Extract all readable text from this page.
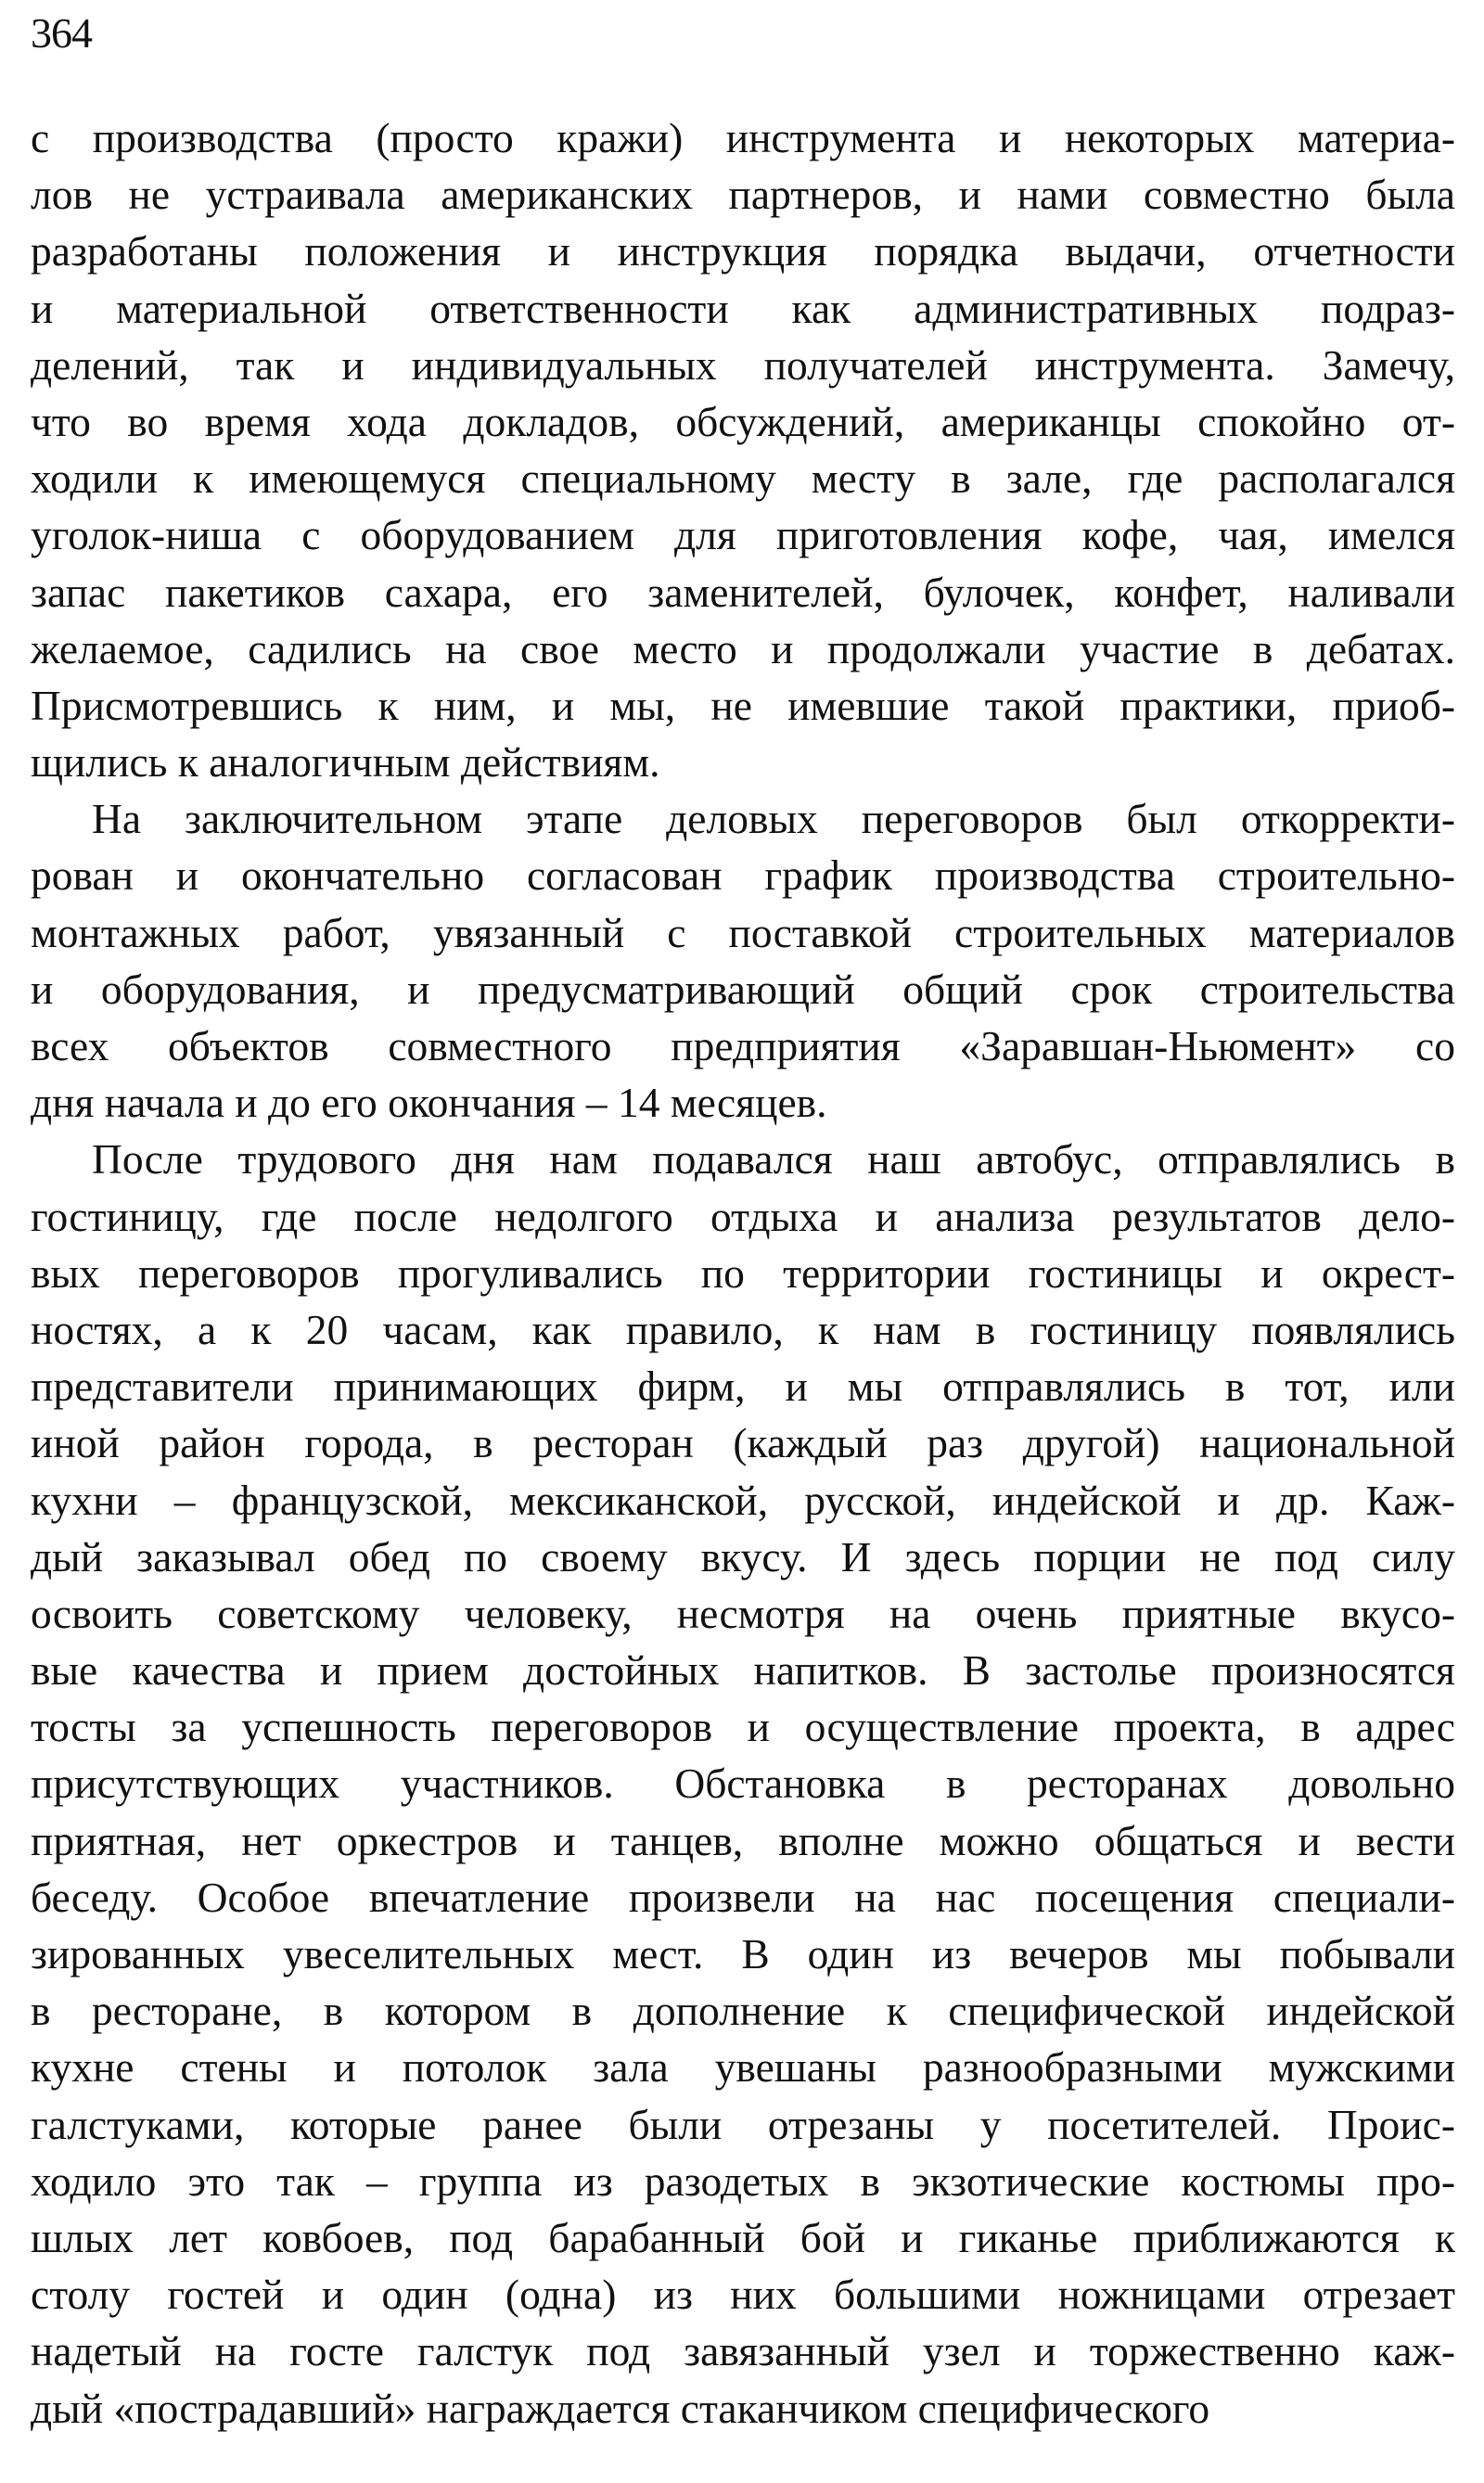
364
с производства (просто кражи) инструмента и некоторых материа-
лов не устраивала американских партнеров, и нами совместно была
разработаны положения и инструкция порядка выдачи, отчетности
и материальной ответственности как административных подраз-
делений, так и индивидуальных получателей инструмента. Замечу,
что во время хода докладов, обсуждений, американцы спокойно от-
ходили к имеющемуся специальному месту в зале, где располагался
уголок-ниша с оборудованием для приготовления кофе, чая, имелся
запас пакетиков сахара, его заменителей, булочек, конфет, наливали
желаемое, садились на свое место и продолжали участие в дебатах.
Присмотревшись к ним, и мы, не имевшие такой практики, приоб-
щились к аналогичным действиям.
На заключительном этапе деловых переговоров был откорректи-
рован и окончательно согласован график производства строительно-
монтажных работ, увязанный с поставкой строительных материалов
и оборудования, и предусматривающий общий срок строительства
всех объектов совместного предприятия «Заравшан-Ньюмент» со
дня начала и до его окончания – 14 месяцев.
После трудового дня нам подавался наш автобус, отправлялись в
гостиницу, где после недолгого отдыха и анализа результатов дело-
вых переговоров прогуливались по территории гостиницы и окрест-
ностях, а к 20 часам, как правило, к нам в гостиницу появлялись
представители принимающих фирм, и мы отправлялись в тот, или
иной район города, в ресторан (каждый раз другой) национальной
кухни – французской, мексиканской, русской, индейской и др. Каж-
дый заказывал обед по своему вкусу. И здесь порции не под силу
освоить советскому человеку, несмотря на очень приятные вкусо-
вые качества и прием достойных напитков. В застолье произносятся
тосты за успешность переговоров и осуществление проекта, в адрес
присутствующих участников. Обстановка в ресторанах довольно
приятная, нет оркестров и танцев, вполне можно общаться и вести
беседу. Особое впечатление произвели на нас посещения специали-
зированных увеселительных мест. В один из вечеров мы побывали
в ресторане, в котором в дополнение к специфической индейской
кухне стены и потолок зала увешаны разнообразными мужскими
галстуками, которые ранее были отрезаны у посетителей. Проис-
ходило это так – группа из разодетых в экзотические костюмы про-
шлых лет ковбоев, под барабанный бой и гиканье приближаются к
столу гостей и один (одна) из них большими ножницами отрезает
надетый на госте галстук под завязанный узел и торжественно каж-
дый «пострадавший» награждается стаканчиком специфического
